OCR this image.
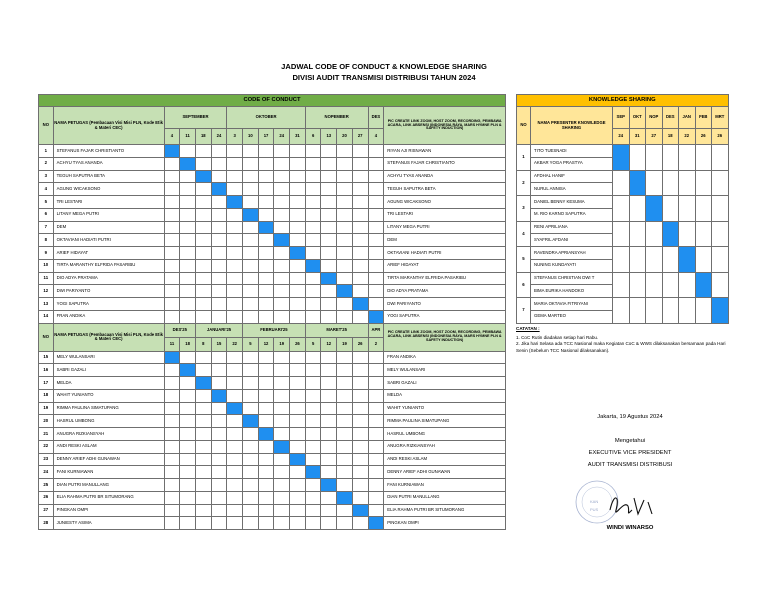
JADWAL CODE OF CONDUCT & KNOWLEDGE SHARING
DIVISI AUDIT TRANSMISI DISTRIBUSI TAHUN 2024
CODE OF CONDUCT																
NO	NAMA PETUGAS (Pembacaan Visi Misi PLN, Kode Etik & Materi CEC)	SEPTEMBER				OKTOBER					NOPEMBER				DES	PIC CREATE LINK ZOOM, HOST ZOOM, RECORDING, PEMBAWA ACARA, LINK ABSENSI (INDONESIA RAYA, MARS HYMNE PLN & SAFETY INDUCTION)
		4	11	18	24	3	10	17	24	31	6	13	20	27	4	
1	STEFANUS FAJAR CHRISTIANTO															RIYAN AJI RISNAWAN
2	ACHYU TYAS ANANDA															STEFANUS FAJAR CHRISTIANTO
3	TEGUH SAPUTRA BETA															ACHYU TYAS ANANDA
4	AGUNG WICAKSONO															TEGUH SAPUTRA BETA
5	TRI LESTARI															AGUNG WICAKSONO
6	LITANY MEGA PUTRI															TRI LESTARI
7	DEM															LITANY MEGA PUTRI
8	OKTAVIANI HADIATI PUTRI															DEM
9	ARIEF HIDAYAT															OKTAVIANI HADIATI PUTRI
10	TIRTA MARANTHY ELFRIDA PASARIBU															ARIEF HIDAYAT
11	DIO ADYA PRATAMA															TIRTA MARANTHY ELFRIDA PASARIBU
12	DWI PARIYANTO															DIO ADYA PRATAMA
13	YOGI SAPUTRA															DWI PARIYANTO
14	FRAN ANDIKA															YOGI SAPUTRA
NO	NAMA PETUGAS (Pembacaan Visi Misi PLN, Kode Etik & Materi CEC)	DES'25		JANUARI'25			FEBRUARI'25				MARET'25				APR	PIC CREATE LINK ZOOM, HOST ZOOM, RECORDING, PEMBAWA ACARA, LINK ABSENSI (INDONESIA RAYA, MARS HYMNE PLN & SAFETY INDUCTION)
		11	18	8	15	22	5	12	19	26	5	12	19	26	2	
15	MELY WULANSARI															FRAN ANDIKA
16	SABRI GAZALI															MELY WULANSARI
17	MELDA															SABRI GAZALI
18	WAHIT YUNIANTO															MELDA
19	RIMMA PAULINA SIMATUPANG															WAHIT YUNIANTO
20	HASRUL UMBONG															RIMMA PAULINA SIMATUPANG
21	ANUGRA RIZKIANSYAH															HASRUL UMBONG
22	ANDI RESKI ASLAM															ANUGRA RIZKIANSYAH
23	DENNY ARIEF ADHI GUNAWAN															ANDI RESKI ASLAM
24	FANI KURNIAWAN															DENNY ARIEF ADHI GUNAWAN
25	DIAN PUTRI MANULLANG															FANI KURNIAWAN
26	ELIA RAHMA PUTRI BR SITUMORANG															DIAN PUTRI MANULLANG
27	PINGKAN OMPI															ELIA RAHMA PUTRI BR SITUMORANG
28	JUNIESTY ASIMA															PINGKAN OMPI
KNOWLEDGE SHARING								
NO	NAMA PRESENTER KNOWLEDGE SHARING	SEP	OKT	NOP	DES	JAN	FEB	MRT
		24	31	27	18	22	26	26
1	TITO TUESNADI							
	AKBAR YOGA PRASTYA							
2	AFDHAL HANIF							
	NURUL ANNISA							
3	DANIEL BENNY KESUMA							
	M. RIO KARNO SAPUTRA							
4	RENI APRILIANA							
	SYAFRIL AFDANI							
5	RAVENDRA APRIANSYAH							
	NUNING KUNDAYATI							
6	STEFANUS CHRISTIAN DWI T							
	BIMA EURIKA HANDOKO							
7	MARIA OKTAVIA FITRIYANI							
	GEMA MARTEO							
CATATAN :
1. CoC Rutin diadakan setiap hari Rabu.
2. Jika hari Selasa ada TCC Nasional maka Kegiatan CoC & WWS dilaksanakan bersamaan pada Hari Senin (Sebelum TCC Nasional dilaksanakan).
Jakarta, 19 Agustus 2024
Mengetahui
EXECUTIVE VICE PRESIDENT
AUDIT TRANSMISI DISTRIBUSI
KAN
PUS
WINDI WINARSO
